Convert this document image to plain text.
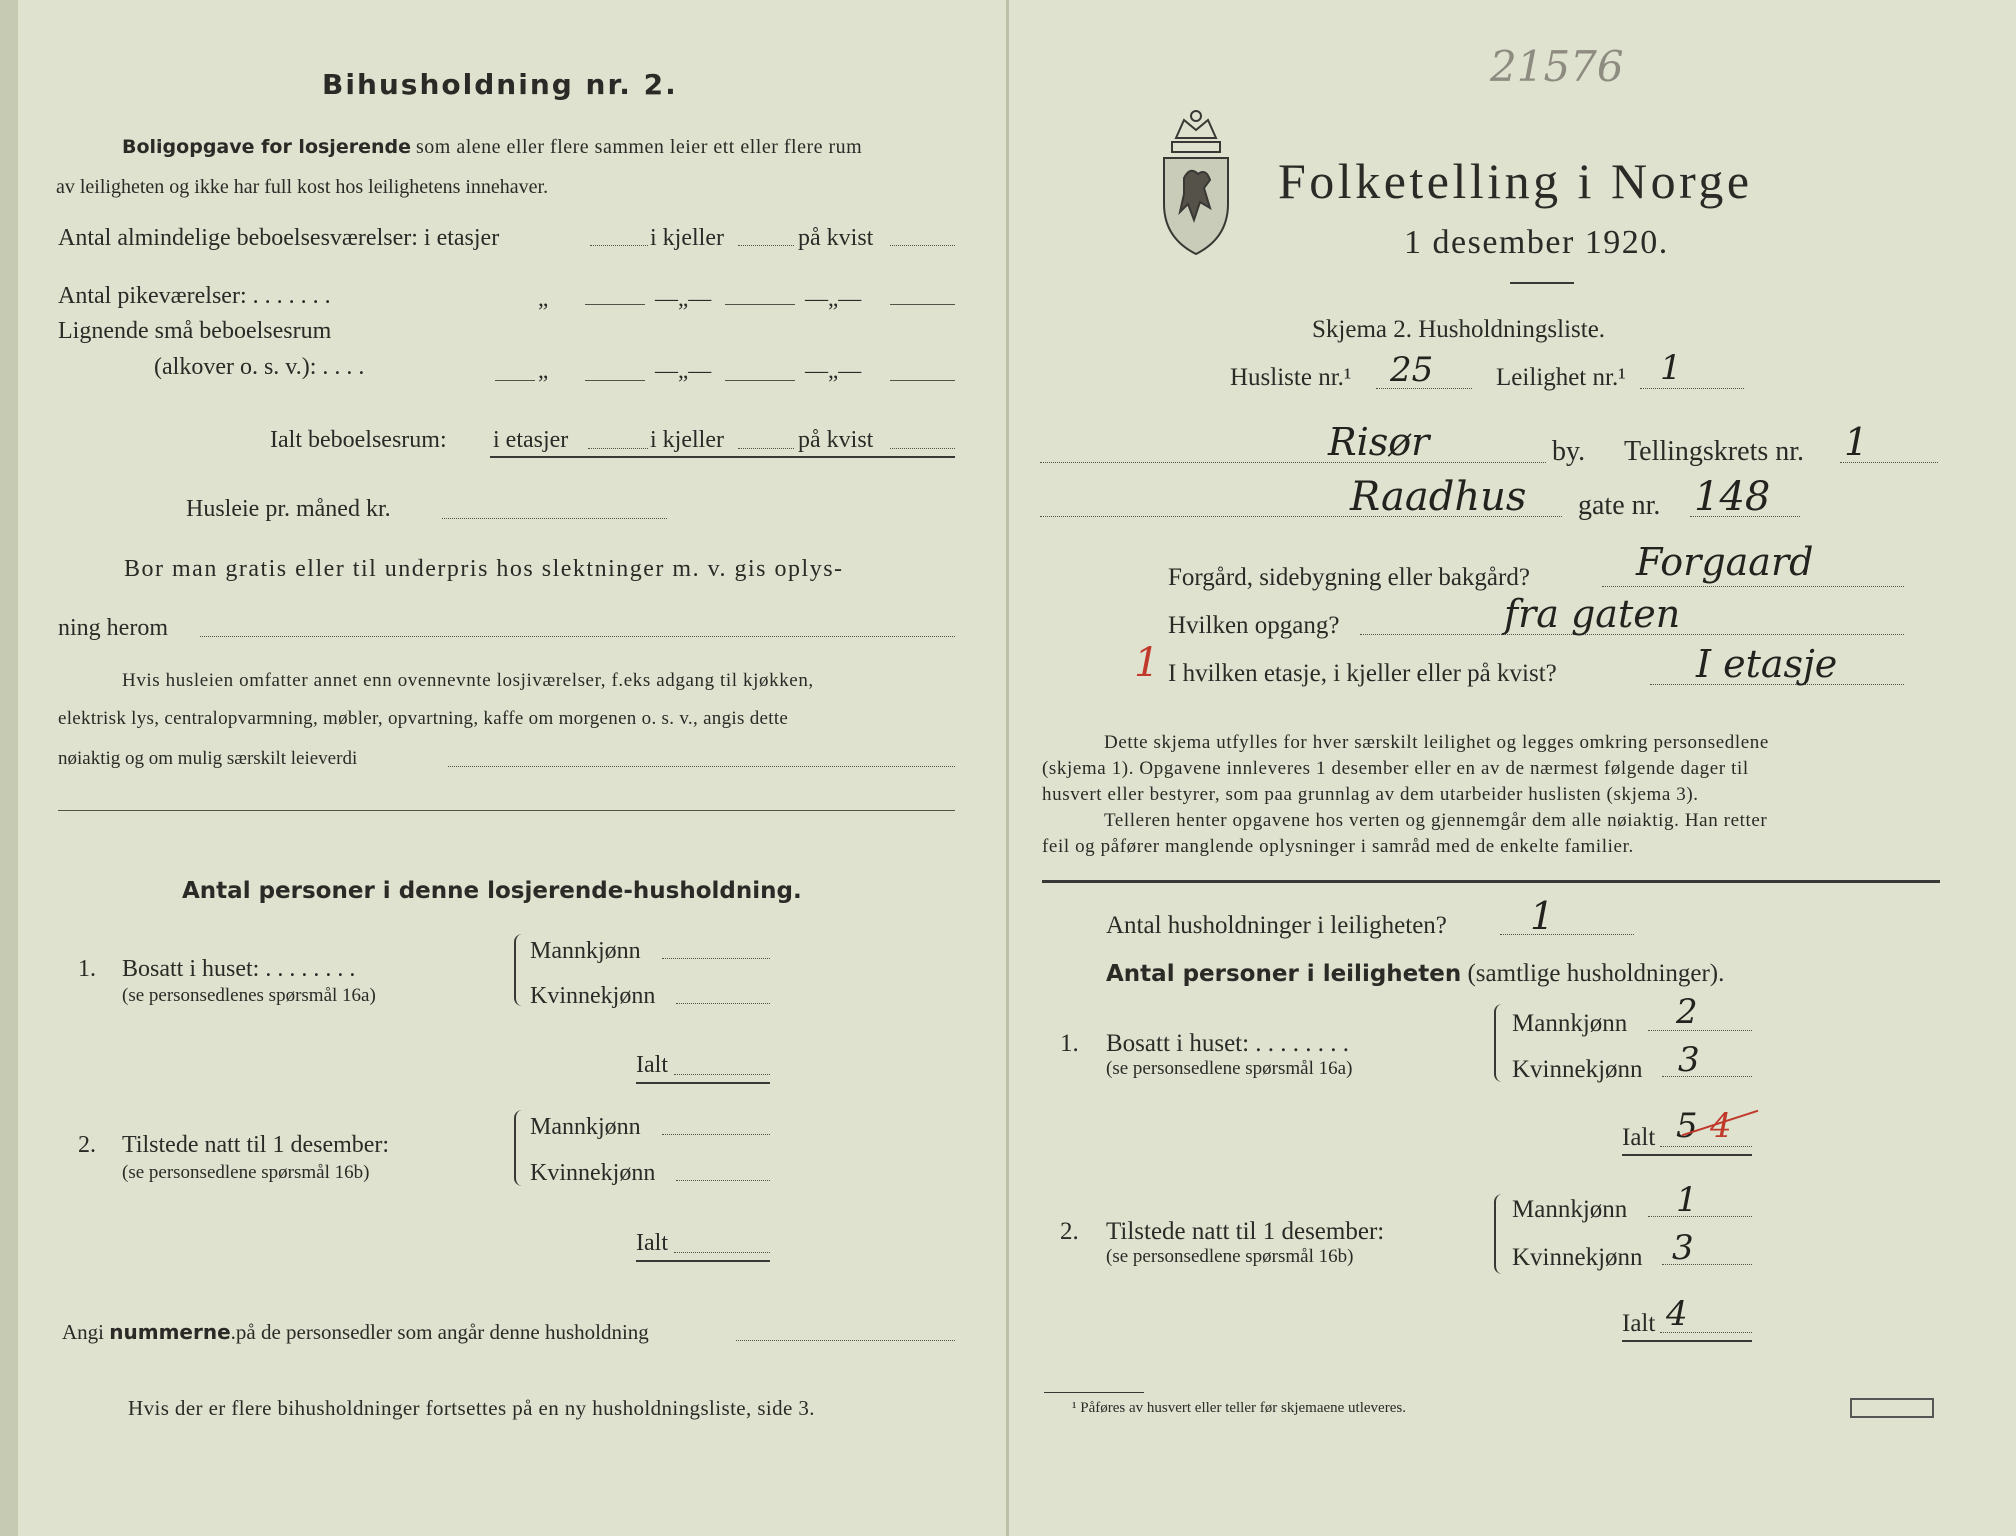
21576
Bihusholdning nr. 2.
Boligopgave for losjerende som alene eller flere sammen leier ett eller flere rum
av leiligheten og ikke har full kost hos leilighetens innehaver.
Antal almindelige beboelsesværelser: i etasjer	i kjeller	på kvist
Antal pikeværelser: . . . . . . .	„	—„—	—„—
Lignende små beboelsesrum
(alkover o. s. v.): . . . .	„	—„—	—„—
Ialt beboelsesrum: i etasjer	i kjeller	på kvist
Husleie pr. måned kr.
Bor man gratis eller til underpris hos slektninger m. v. gis oplys-
ning herom
Hvis husleien omfatter annet enn ovennevnte losjiværelser, f.eks adgang til kjøkken,
elektrisk lys, centralopvarmning, møbler, opvartning, kaffe om morgenen o. s. v., angis dette
nøiaktig og om mulig særskilt leieverdi
Antal personer i denne losjerende-husholdning.
1. Bosatt i huset: . . . . . . . .
(se personsedlenes spørsmål 16a)
Mannkjønn
Kvinnekjønn
Ialt
2. Tilstede natt til 1 desember:
(se personsedlene spørsmål 16b)
Mannkjønn
Kvinnekjønn
Ialt
Angi nummerne.på de personsedler som angår denne husholdning
Hvis der er flere bihusholdninger fortsettes på en ny husholdningsliste, side 3.
Folketelling i Norge
1 desember 1920.
Skjema 2. Husholdningsliste.
Husliste nr.¹ 25	Leilighet nr.¹ 1
Risør	by. Tellingskrets nr. 1
Raadhus gate nr. 148
Forgård, sidebygning eller bakgård?	Forgaard
Hvilken opgang?	fra gaten
1 I hvilken etasje, i kjeller eller på kvist?	I etasje
Dette skjema utfylles for hver særskilt leilighet og legges omkring personsedlene
(skjema 1). Opgavene innleveres 1 desember eller en av de nærmest følgende dager til
husvert eller bestyrer, som paa grunnlag av dem utarbeider huslisten (skjema 3).
Telleren henter opgavene hos verten og gjennemgår dem alle nøiaktig. Han retter
feil og påfører manglende oplysninger i samråd med de enkelte familier.
Antal husholdninger i leiligheten? 1
Antal personer i leiligheten (samtlige husholdninger).
1. Bosatt i huset: . . . . . . . .
(se personsedlene spørsmål 16a)
Mannkjønn 2
Kvinnekjønn 3
Ialt 5 4
2. Tilstede natt til 1 desember:
(se personsedlene spørsmål 16b)
Mannkjønn 1
Kvinnekjønn 3
Ialt 4
¹ Påføres av husvert eller teller før skjemaene utleveres.
